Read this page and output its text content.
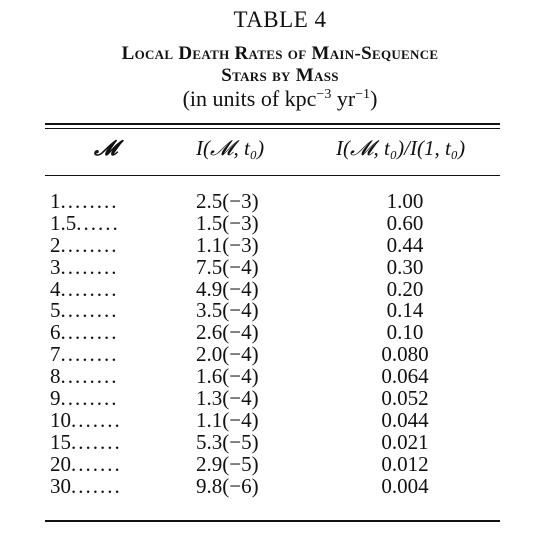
TABLE 4
Local Death Rates of Main-Sequence
Stars by Mass
(in units of kpc$^{-3}$ $yr^{-1}$)
𝓜	I(𝓜, t₀)	I(𝓜, t₀)/I(1, t₀)
1........	2.5(−3)	1.00
1.5......	1.5(−3)	0.60
2........	1.1(−3)	0.44
3........	7.5(−4)	0.30
4........	4.9(−4)	0.20
5........	3.5(−4)	0.14
6........	2.6(−4)	0.10
7........	2.0(−4)	0.080
8........	1.6(−4)	0.064
9........	1.3(−4)	0.052
10.......	1.1(−4)	0.044
15.......	5.3(−5)	0.021
20.......	2.9(−5)	0.012
30.......	9.8(−6)	0.004
